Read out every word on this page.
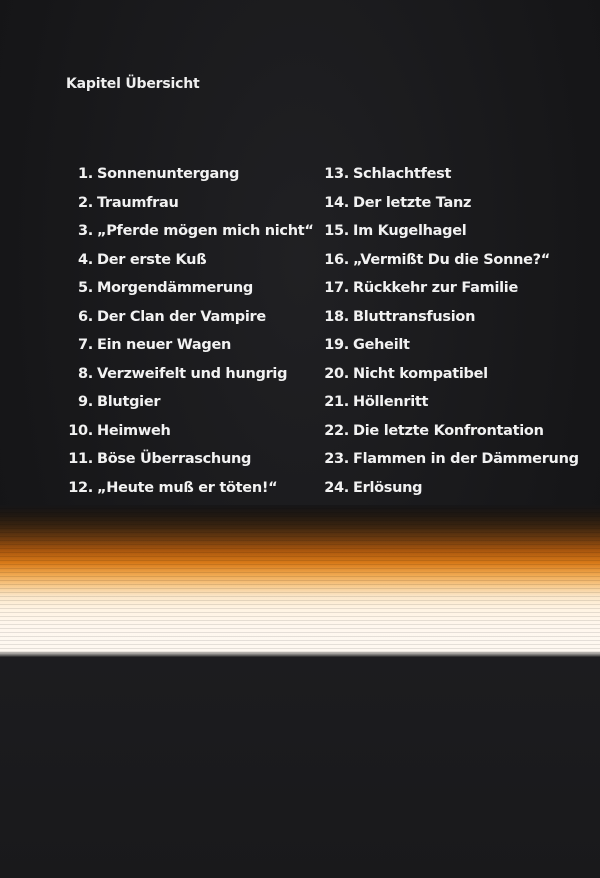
Kapitel Übersicht
1. Sonnenuntergang
2. Traumfrau
3. „Pferde mögen mich nicht“
4. Der erste Kuß
5. Morgendämmerung
6. Der Clan der Vampire
7. Ein neuer Wagen
8. Verzweifelt und hungrig
9. Blutgier
10. Heimweh
11. Böse Überraschung
12. „Heute muß er töten!“
13. Schlachtfest
14. Der letzte Tanz
15. Im Kugelhagel
16. „Vermißt Du die Sonne?“
17. Rückkehr zur Familie
18. Bluttransfusion
19. Geheilt
20. Nicht kompatibel
21. Höllenritt
22. Die letzte Konfrontation
23. Flammen in der Dämmerung
24. Erlösung
